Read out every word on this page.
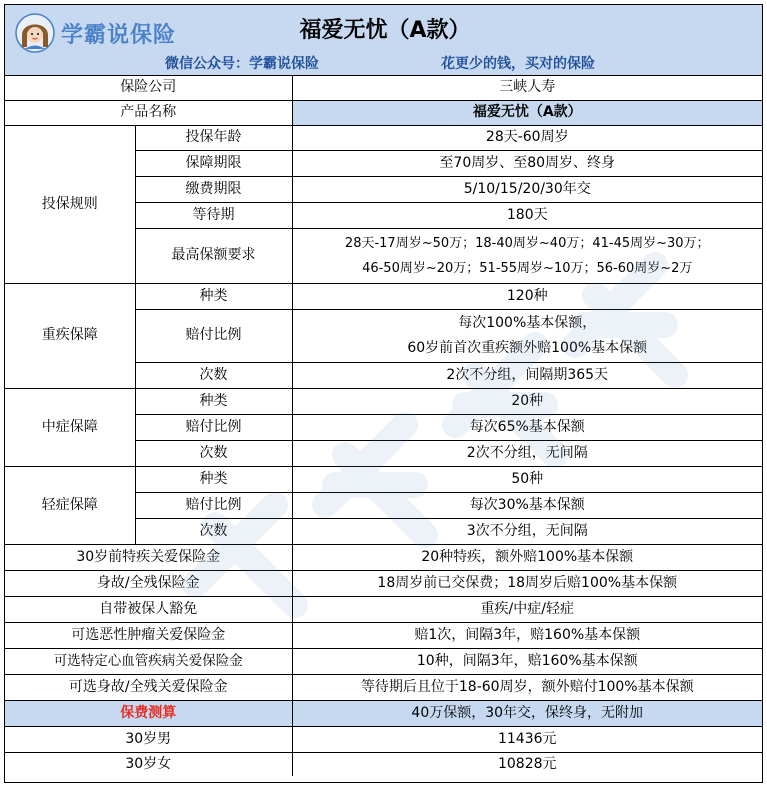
学霸说保险	福爱无忧（A款）
微信公众号：学霸说保险	花更少的钱，买对的保险
保险公司		三峡人寿
产品名称		福爱无忧（A款）
投保规则	投保年龄	28天-60周岁
	保障期限	至70周岁、至80周岁、终身
	缴费期限	5/10/15/20/30年交
	等待期	180天
	最高保额要求	28天-17周岁~50万；18-40周岁~40万；41-45周岁~30万；
46-50周岁~20万；51-55周岁~10万；56-60周岁~2万

重疾保障	种类	120种
	赔付比例	每次100%基本保额，
60岁前首次重疾额外赔100%基本保额

	次数	2次不分组，间隔期365天
中症保障	种类	20种
	赔付比例	每次65%基本保额
	次数	2次不分组，无间隔
轻症保障	种类	50种
	赔付比例	每次30%基本保额
	次数	3次不分组，无间隔
30岁前特疾关爱保险金		20种特疾，额外赔100%基本保额
身故/全残保险金		18周岁前已交保费；18周岁后赔100%基本保额
自带被保人豁免		重疾/中症/轻症
可选恶性肿瘤关爱保险金		赔1次，间隔3年，赔160%基本保额
可选特定心血管疾病关爱保险金		10种，间隔3年，赔160%基本保额
可选身故/全残关爱保险金		等待期后且位于18-60周岁，额外赔付100%基本保额
保费测算		40万保额，30年交，保终身，无附加
30岁男		11436元
30岁女		10828元
